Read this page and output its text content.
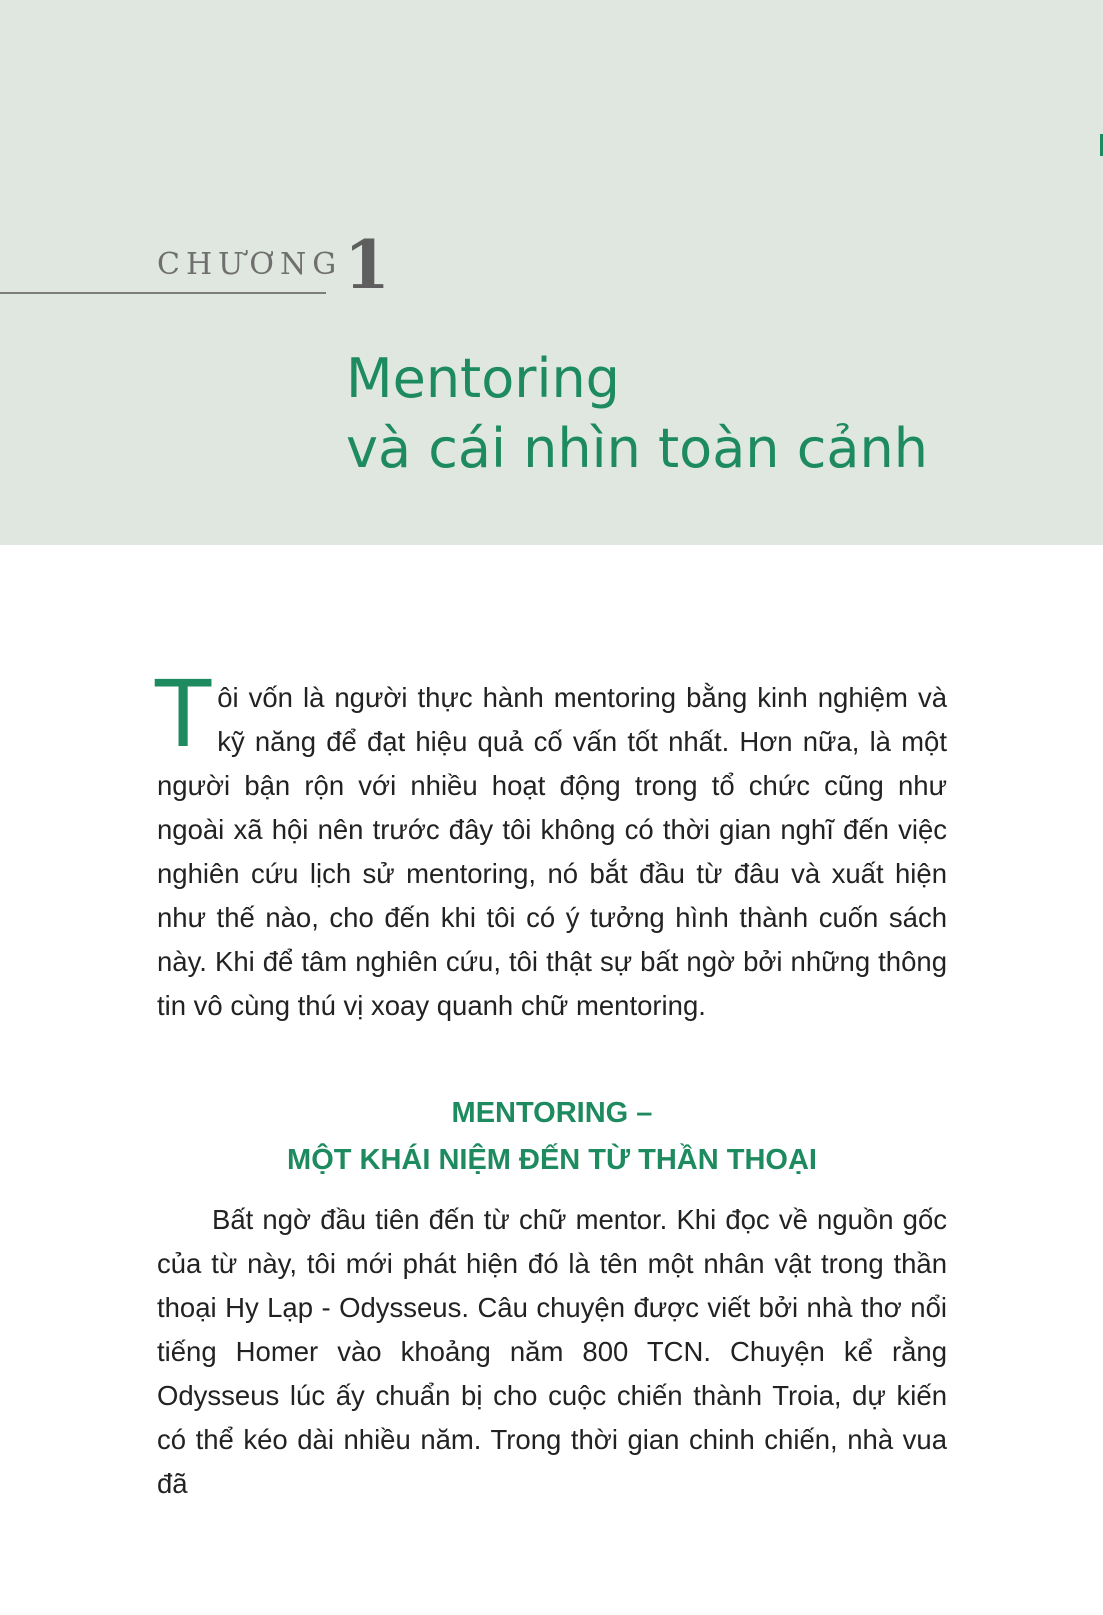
CHƯƠNG 1
Mentoring
và cái nhìn toàn cảnh

Tôi vốn là người thực hành mentoring bằng kinh nghiệm và kỹ năng để đạt hiệu quả cố vấn tốt nhất. Hơn nữa, là một người bận rộn với nhiều hoạt động trong tổ chức cũng như ngoài xã hội nên trước đây tôi không có thời gian nghĩ đến việc nghiên cứu lịch sử mentoring, nó bắt đầu từ đâu và xuất hiện như thế nào, cho đến khi tôi có ý tưởng hình thành cuốn sách này. Khi để tâm nghiên cứu, tôi thật sự bất ngờ bởi những thông tin vô cùng thú vị xoay quanh chữ mentoring.

MENTORING –
MỘT KHÁI NIỆM ĐẾN TỪ THẦN THOẠI

Bất ngờ đầu tiên đến từ chữ mentor. Khi đọc về nguồn gốc của từ này, tôi mới phát hiện đó là tên một nhân vật trong thần thoại Hy Lạp - Odysseus. Câu chuyện được viết bởi nhà thơ nổi tiếng Homer vào khoảng năm 800 TCN. Chuyện kể rằng Odysseus lúc ấy chuẩn bị cho cuộc chiến thành Troia, dự kiến có thể kéo dài nhiều năm. Trong thời gian chinh chiến, nhà vua đã
